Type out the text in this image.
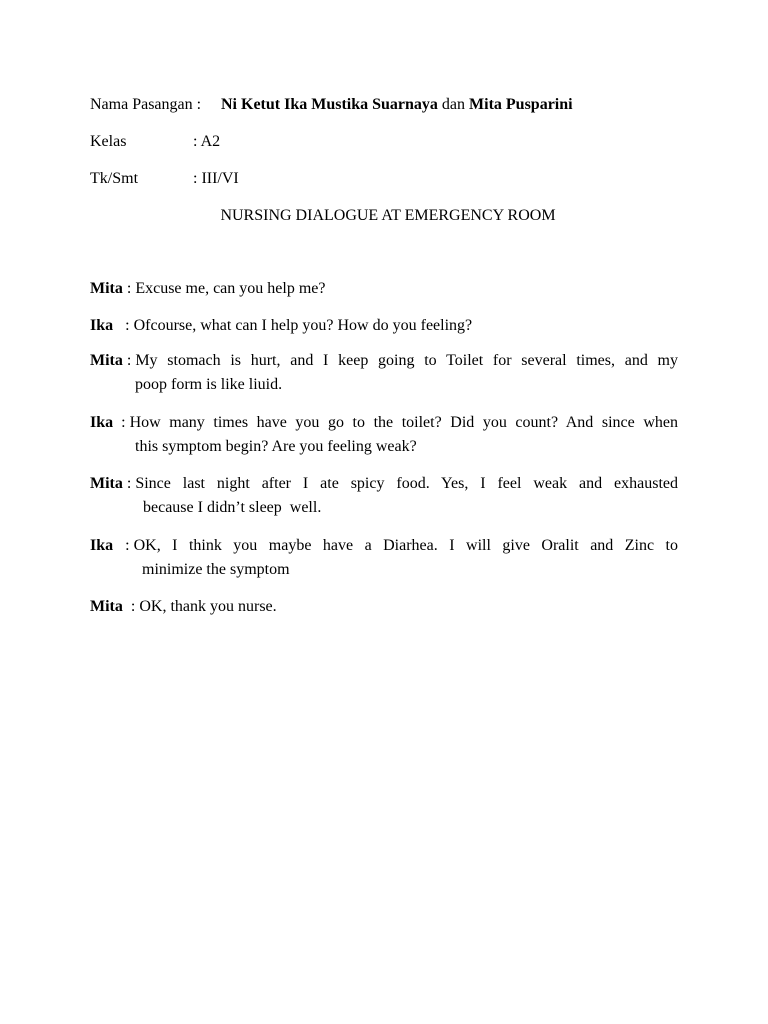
Nama Pasangan : Ni Ketut Ika Mustika Suarnaya dan Mita Pusparini
Kelas	: A2
Tk/Smt	: III/VI
NURSING DIALOGUE AT EMERGENCY ROOM
Mita : Excuse me, can you help me?
Ika   : Ofcourse, what can I help you? How do you feeling?
Mita : My stomach is hurt, and I keep going to Toilet for several times, and my
poop form is like liuid.
Ika  : How many times have you go to the toilet? Did you count? And since when
this symptom begin? Are you feeling weak?
Mita : Since last night after I ate spicy food. Yes, I feel weak and exhausted
because I didn’t sleep  well.
Ika   : OK, I think you maybe have a Diarhea. I will give Oralit and Zinc to
minimize the symptom
Mita  : OK, thank you nurse.
